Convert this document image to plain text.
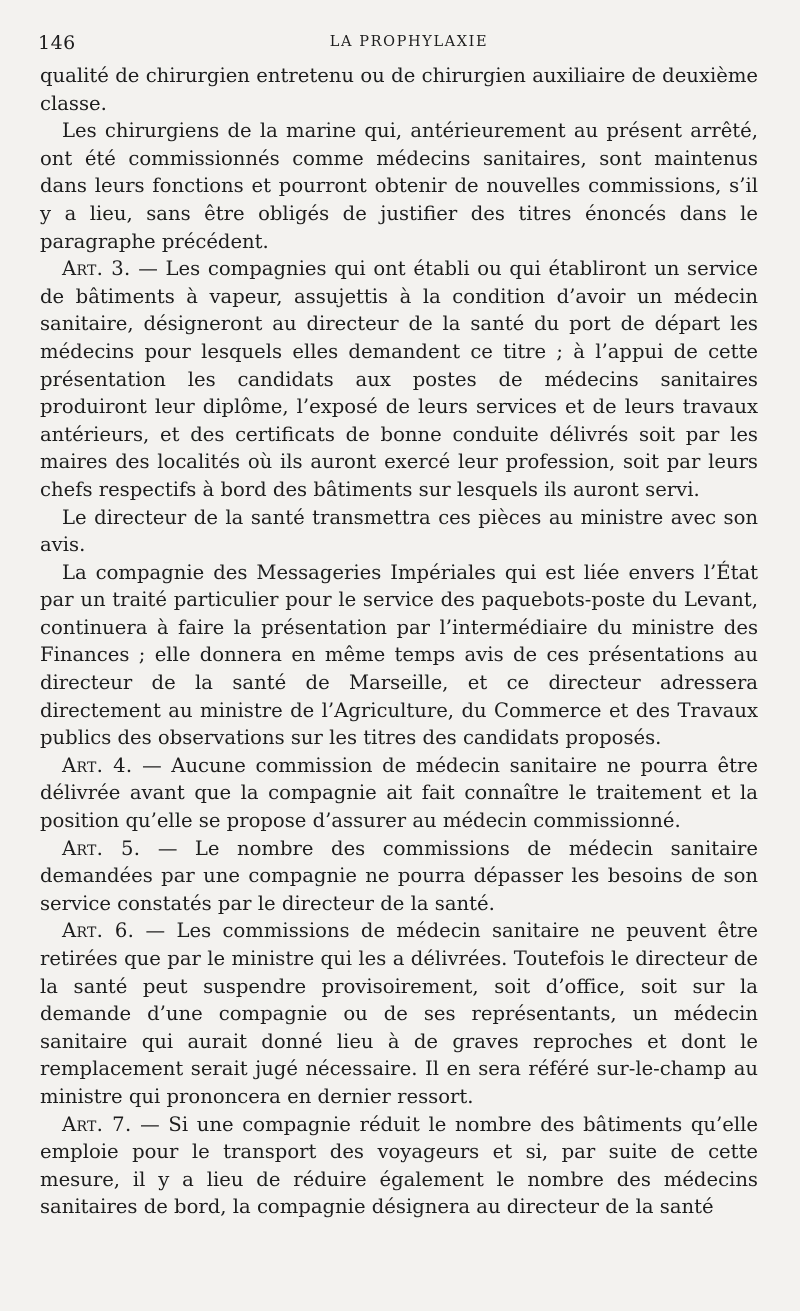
146	LA PROPHYLAXIE

qualité de chirurgien entretenu ou de chirurgien auxiliaire de deuxième classe.

Les chirurgiens de la marine qui, antérieurement au présent arrêté, ont été commissionnés comme médecins sanitaires, sont maintenus dans leurs fonctions et pourront obtenir de nouvelles commissions, s’il y a lieu, sans être obligés de justifier des titres énoncés dans le paragraphe précédent.

Art. 3. — Les compagnies qui ont établi ou qui établiront un service de bâtiments à vapeur, assujettis à la condition d’avoir un médecin sanitaire, désigneront au directeur de la santé du port de départ les médecins pour lesquels elles demandent ce titre ; à l’appui de cette présentation les candidats aux postes de médecins sanitaires produiront leur diplôme, l’exposé de leurs services et de leurs travaux antérieurs, et des certificats de bonne conduite délivrés soit par les maires des localités où ils auront exercé leur profession, soit par leurs chefs respectifs à bord des bâtiments sur lesquels ils auront servi.

Le directeur de la santé transmettra ces pièces au ministre avec son avis.

La compagnie des Messageries Impériales qui est liée envers l’État par un traité particulier pour le service des paquebots-poste du Levant, continuera à faire la présentation par l’intermédiaire du ministre des Finances ; elle donnera en même temps avis de ces présentations au directeur de la santé de Marseille, et ce directeur adressera directement au ministre de l’Agriculture, du Commerce et des Travaux publics des observations sur les titres des candidats proposés.

Art. 4. — Aucune commission de médecin sanitaire ne pourra être délivrée avant que la compagnie ait fait connaître le traitement et la position qu’elle se propose d’assurer au médecin commissionné.

Art. 5. — Le nombre des commissions de médecin sanitaire demandées par une compagnie ne pourra dépasser les besoins de son service constatés par le directeur de la santé.

Art. 6. — Les commissions de médecin sanitaire ne peuvent être retirées que par le ministre qui les a délivrées. Toutefois le directeur de la santé peut suspendre provisoirement, soit d’office, soit sur la demande d’une compagnie ou de ses représentants, un médecin sanitaire qui aurait donné lieu à de graves reproches et dont le remplacement serait jugé nécessaire. Il en sera référé sur-le-champ au ministre qui prononcera en dernier ressort.

Art. 7. — Si une compagnie réduit le nombre des bâtiments qu’elle emploie pour le transport des voyageurs et si, par suite de cette mesure, il y a lieu de réduire également le nombre des médecins sanitaires de bord, la compagnie désignera au directeur de la santé
